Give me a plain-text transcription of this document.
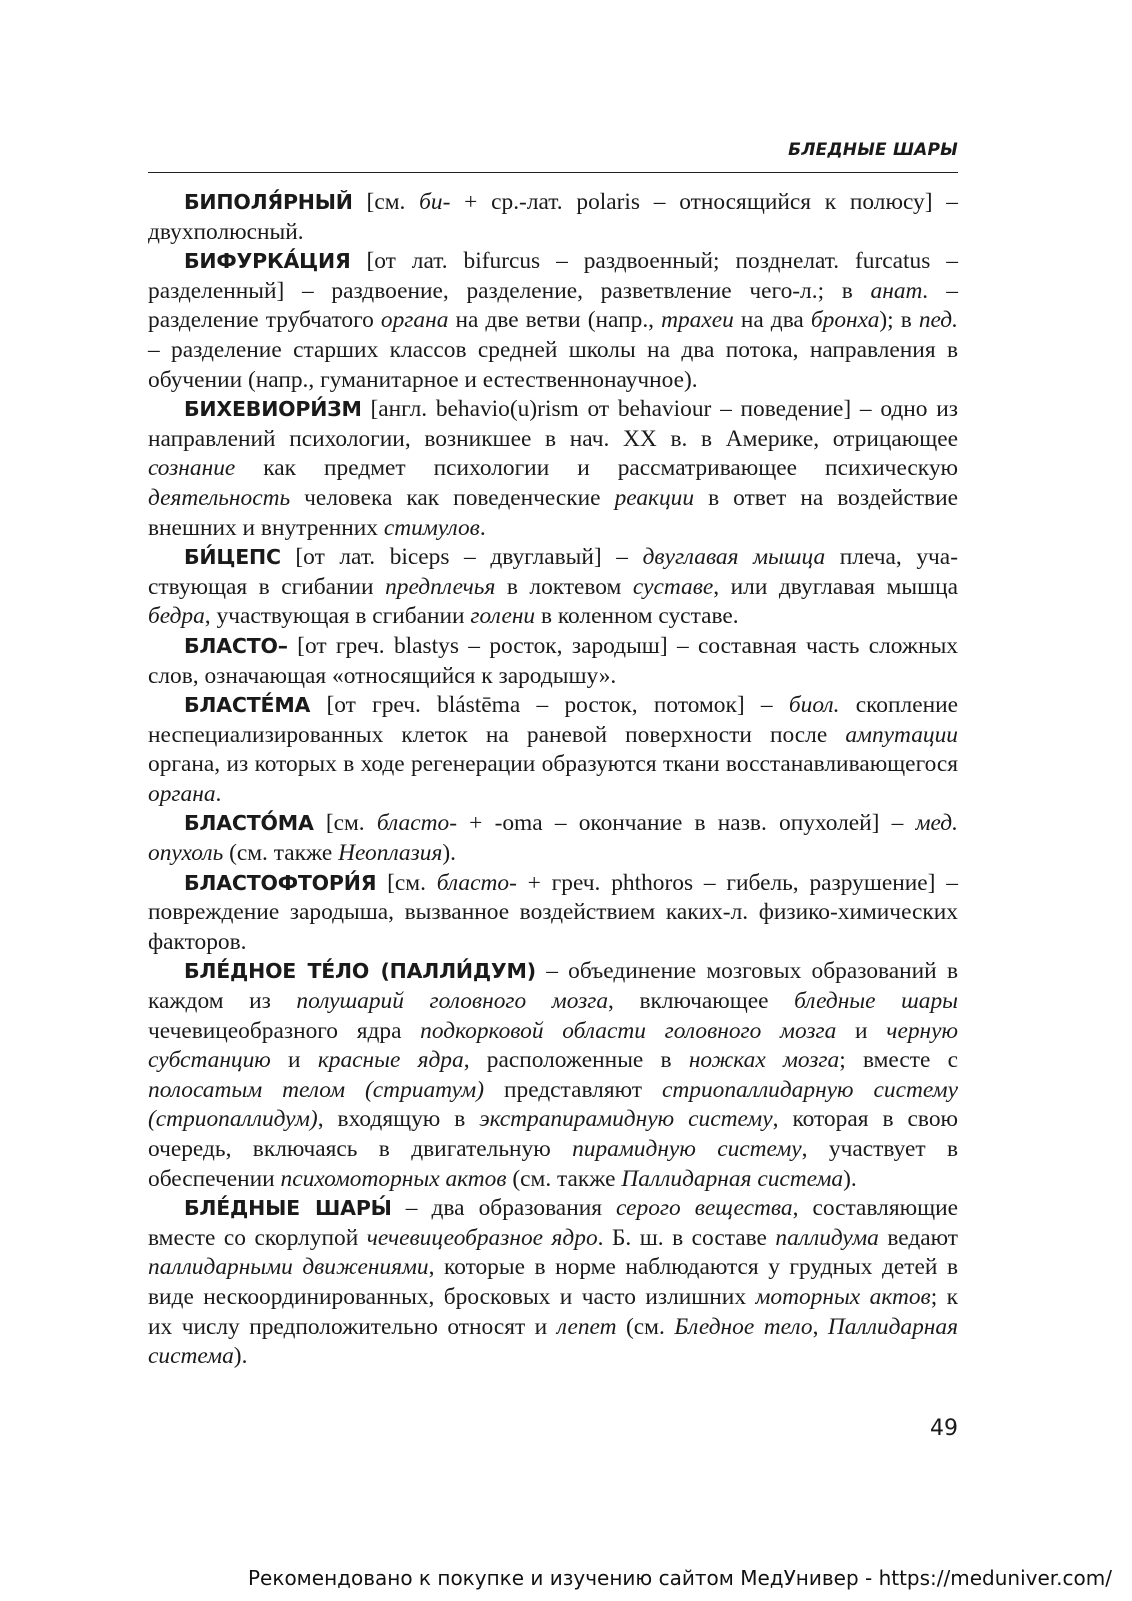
БЛЕДНЫЕ ШАРЫ

БИПОЛЯ́РНЫЙ [см. би- + ср.-лат. polaris – относящийся к полюсу] – двухполюсный.

БИФУРКА́ЦИЯ [от лат. bifurcus – раздвоенный; позднелат. furcatus – разделенный] – раздвоение, разделение, разветвление чего-л.; в анат. – разделение трубчатого органа на две ветви (напр., трахеи на два бронха); в пед. – разделение старших классов средней школы на два потока, направления в обучении (напр., гуманитарное и естественнонаучное).

БИХЕВИОРИ́ЗМ [англ. behavio(u)rism от behaviour – поведение] – одно из направлений психологии, возникшее в нач. XX в. в Америке, отрицающее сознание как предмет психологии и рассматривающее психическую деятельность человека как поведенческие реакции в ответ на воздействие внешних и внутренних стимулов.

БИ́ЦЕПС [от лат. biceps – двуглавый] – двуглавая мышца плеча, участвующая в сгибании предплечья в локтевом суставе, или двуглавая мышца бедра, участвующая в сгибании голени в коленном суставе.

БЛАСТО– [от греч. blastys – росток, зародыш] – составная часть сложных слов, означающая «относящийся к зародышу».

БЛАСТЕ́МА [от греч. blástēma – росток, потомок] – биол. скопление неспециализированных клеток на раневой поверхности после ампутации органа, из которых в ходе регенерации образуются ткани восстанавливающегося органа.

БЛАСТО́МА [см. бласто- + -oma – окончание в назв. опухолей] – мед. опухоль (см. также Неоплазия).

БЛАСТОФТОРИ́Я [см. бласто- + греч. phthoros – гибель, разрушение] – повреждение зародыша, вызванное воздействием каких-л. физико-химических факторов.

БЛЕ́ДНОЕ ТЕ́ЛО (ПАЛЛИ́ДУМ) – объединение мозговых образований в каждом из полушарий головного мозга, включающее бледные шары чечевицеобразного ядра подкорковой области головного мозга и черную субстанцию и красные ядра, расположенные в ножках мозга; вместе с полосатым телом (стриатум) представляют стриопаллидарную систему (стриопаллидум), входящую в экстрапирамидную систему, которая в свою очередь, включаясь в двигательную пирамидную систему, участвует в обеспечении психомоторных актов (см. также Паллидарная система).

БЛЕ́ДНЫЕ ШАРЫ́ – два образования серого вещества, составляющие вместе со скорлупой чечевицеобразное ядро. Б. ш. в составе паллидума ведают паллидарными движениями, которые в норме наблюдаются у грудных детей в виде нескоординированных, бросковых и часто излишних моторных актов; к их числу предположительно относят и лепет (см. Бледное тело, Паллидарная система).

49
Рекомендовано к покупке и изучению сайтом МедУнивер - https://meduniver.com/
